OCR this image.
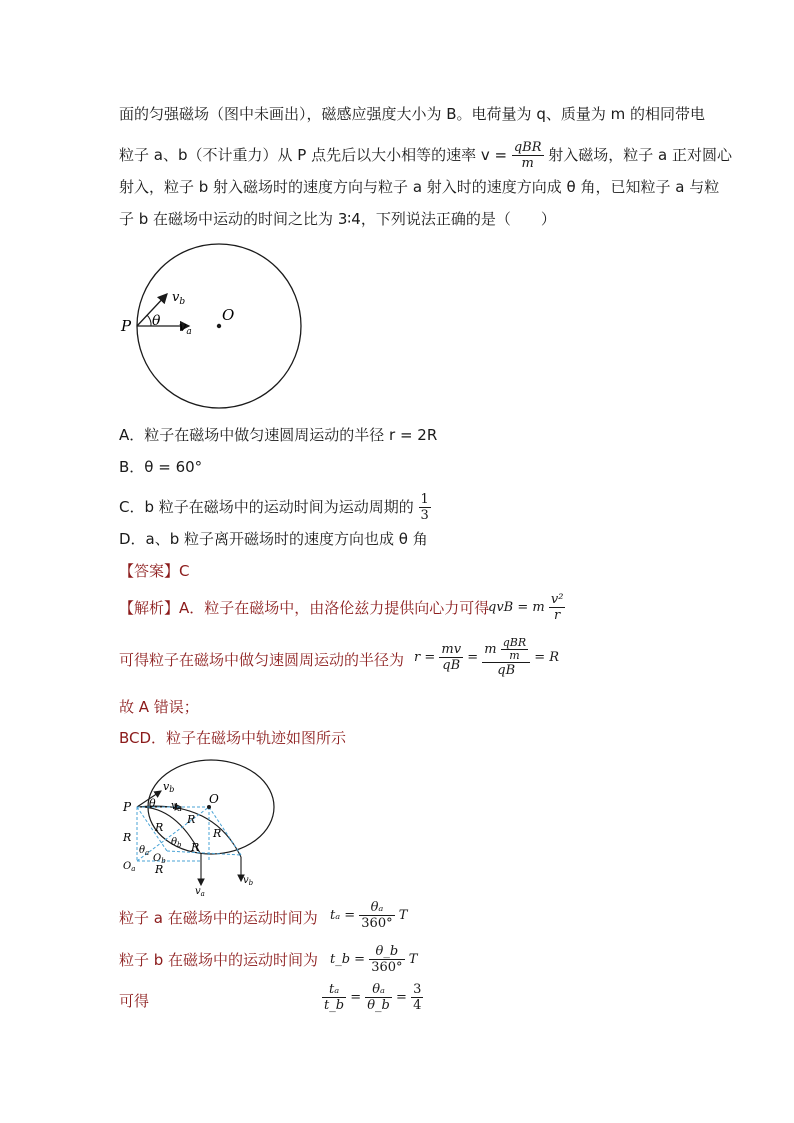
面的匀强磁场（图中未画出），磁感应强度大小为 B。电荷量为 q、质量为 m 的相同带电
粒子 a、b（不计重力）从 P 点先后以大小相等的速率 $v = \frac{\text{qBR}}{m}$ 射入磁场，粒子 a 正对圆心
射入，粒子 b 射入磁场时的速度方向与粒子 a 射入时的速度方向成 θ 角，已知粒子 a 与粒
子 b 在磁场中运动的时间之比为 3∶4，下列说法正确的是（　　）
P
O
θ
$v_b$
$v_a$
A．粒子在磁场中做匀速圆周运动的半径 r = 2R
B．θ = 60°
C．b 粒子在磁场中的运动时间为运动周期的 $\frac{1}{3}$
D．a、b 粒子离开磁场时的速度方向也成 θ 角
【答案】C
【解析】A．粒子在磁场中，由洛伦兹力提供向心力可得
qvB = m $\frac{\text{v²}}{r}$
可得粒子在磁场中做匀速圆周运动的半径为 $r = \frac{mv}{qB} = \frac{m \frac{\text{qBR}}{m}}{qB} = R$
故 A 错误；
BCD．粒子在磁场中轨迹如图所示
P
O
θ
vb
va
R
R
R
R
R
R
$\theta_a$
$\theta_b$
$O_a$
$O_b$
$v_a$
$v_b$
粒子 a 在磁场中的运动时间为 $t_a = \frac{\text{θₐ}}{360^\circ}$ T
粒子 b 在磁场中的运动时间为 t_b = $\frac{\theta\_b}{360^\circ}$ T
可得	$\frac{\text{tₐ}}{t\_b} = \frac{\text{θₐ}}{\theta\_b} = \frac{3}{4}$
